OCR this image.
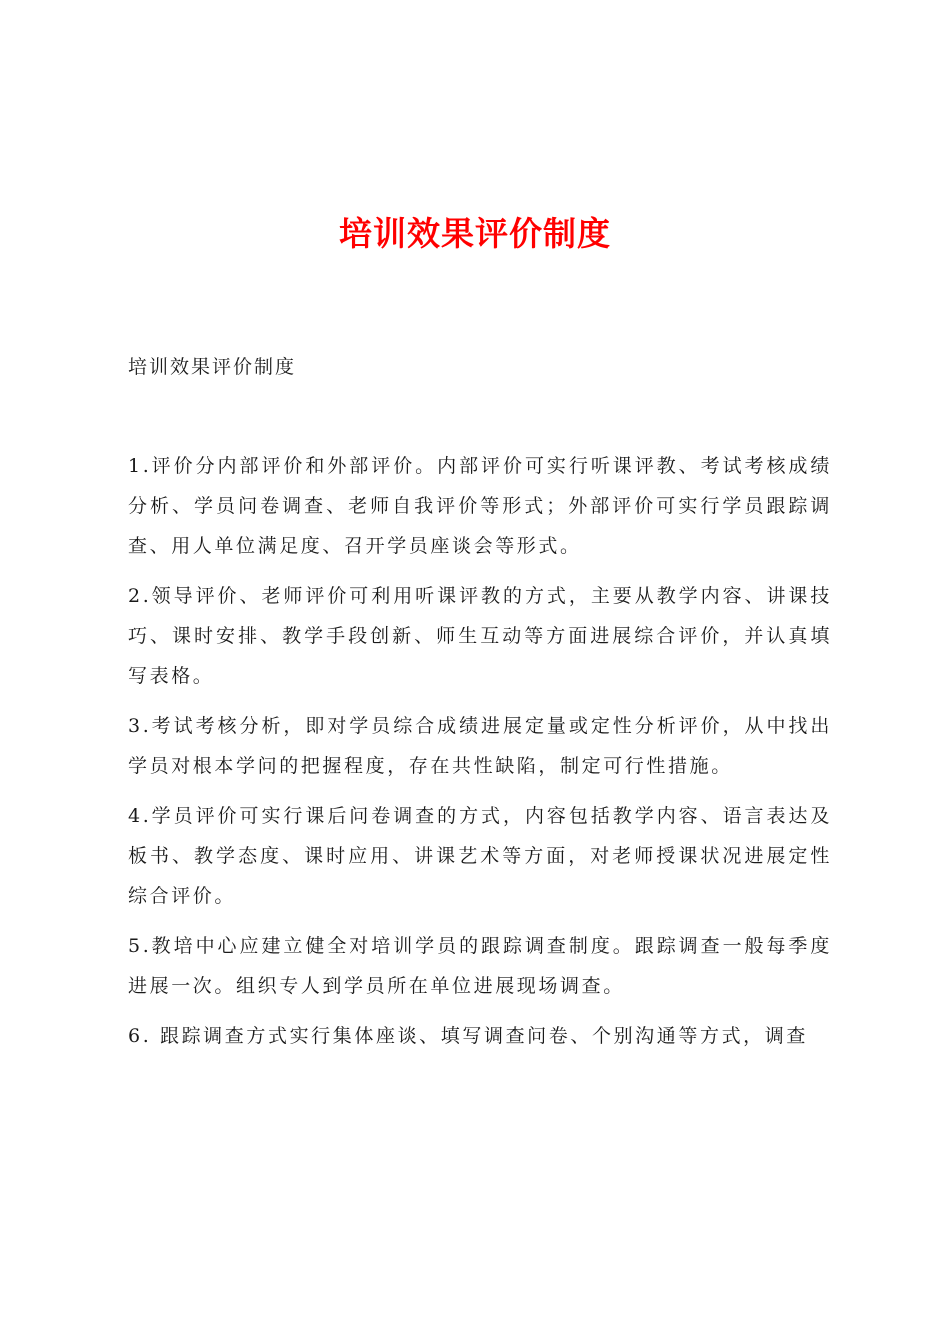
培训效果评价制度
培训效果评价制度

1.评价分内部评价和外部评价。内部评价可实行听课评教、考试考核成绩分析、学员问卷调查、老师自我评价等形式；外部评价可实行学员跟踪调查、用人单位满足度、召开学员座谈会等形式。

2.领导评价、老师评价可利用听课评教的方式，主要从教学内容、讲课技巧、课时安排、教学手段创新、师生互动等方面进展综合评价，并认真填写表格。

3.考试考核分析，即对学员综合成绩进展定量或定性分析评价，从中找出学员对根本学问的把握程度，存在共性缺陷，制定可行性措施。

4.学员评价可实行课后问卷调查的方式，内容包括教学内容、语言表达及板书、教学态度、课时应用、讲课艺术等方面，对老师授课状况进展定性综合评价。

5.教培中心应建立健全对培训学员的跟踪调查制度。跟踪调查一般每季度进展一次。组织专人到学员所在单位进展现场调查。

6. 跟踪调查方式实行集体座谈、填写调查问卷、个别沟通等方式，调查
